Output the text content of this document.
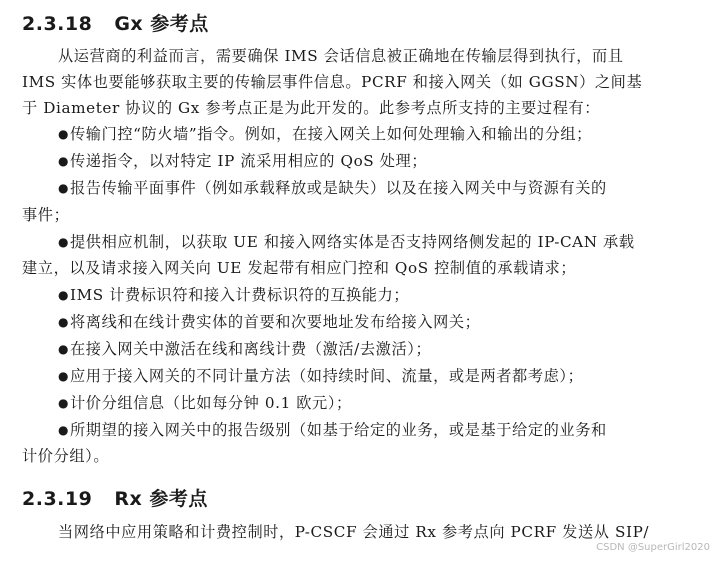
2.3.18 Gx 参考点
从运营商的利益而言，需要确保 IMS 会话信息被正确地在传输层得到执行，而且
IMS 实体也要能够获取主要的传输层事件信息。PCRF 和接入网关（如 GGSN）之间基
于 Diameter 协议的 Gx 参考点正是为此开发的。此参考点所支持的主要过程有：
●传输门控“防火墙”指令。例如，在接入网关上如何处理输入和输出的分组；
●传递指令，以对特定 IP 流采用相应的 QoS 处理；
●报告传输平面事件（例如承载释放或是缺失）以及在接入网关中与资源有关的
事件；
●提供相应机制，以获取 UE 和接入网络实体是否支持网络侧发起的 IP-CAN 承载
建立，以及请求接入网关向 UE 发起带有相应门控和 QoS 控制值的承载请求；
●IMS 计费标识符和接入计费标识符的互换能力；
●将离线和在线计费实体的首要和次要地址发布给接入网关；
●在接入网关中激活在线和离线计费（激活/去激活）；
●应用于接入网关的不同计量方法（如持续时间、流量，或是两者都考虑）；
●计价分组信息（比如每分钟 0.1 欧元）；
●所期望的接入网关中的报告级别（如基于给定的业务，或是基于给定的业务和
计价分组）。
2.3.19 Rx 参考点
当网络中应用策略和计费控制时，P-CSCF 会通过 Rx 参考点向 PCRF 发送从 SIP/
CSDN @SuperGirl2020
